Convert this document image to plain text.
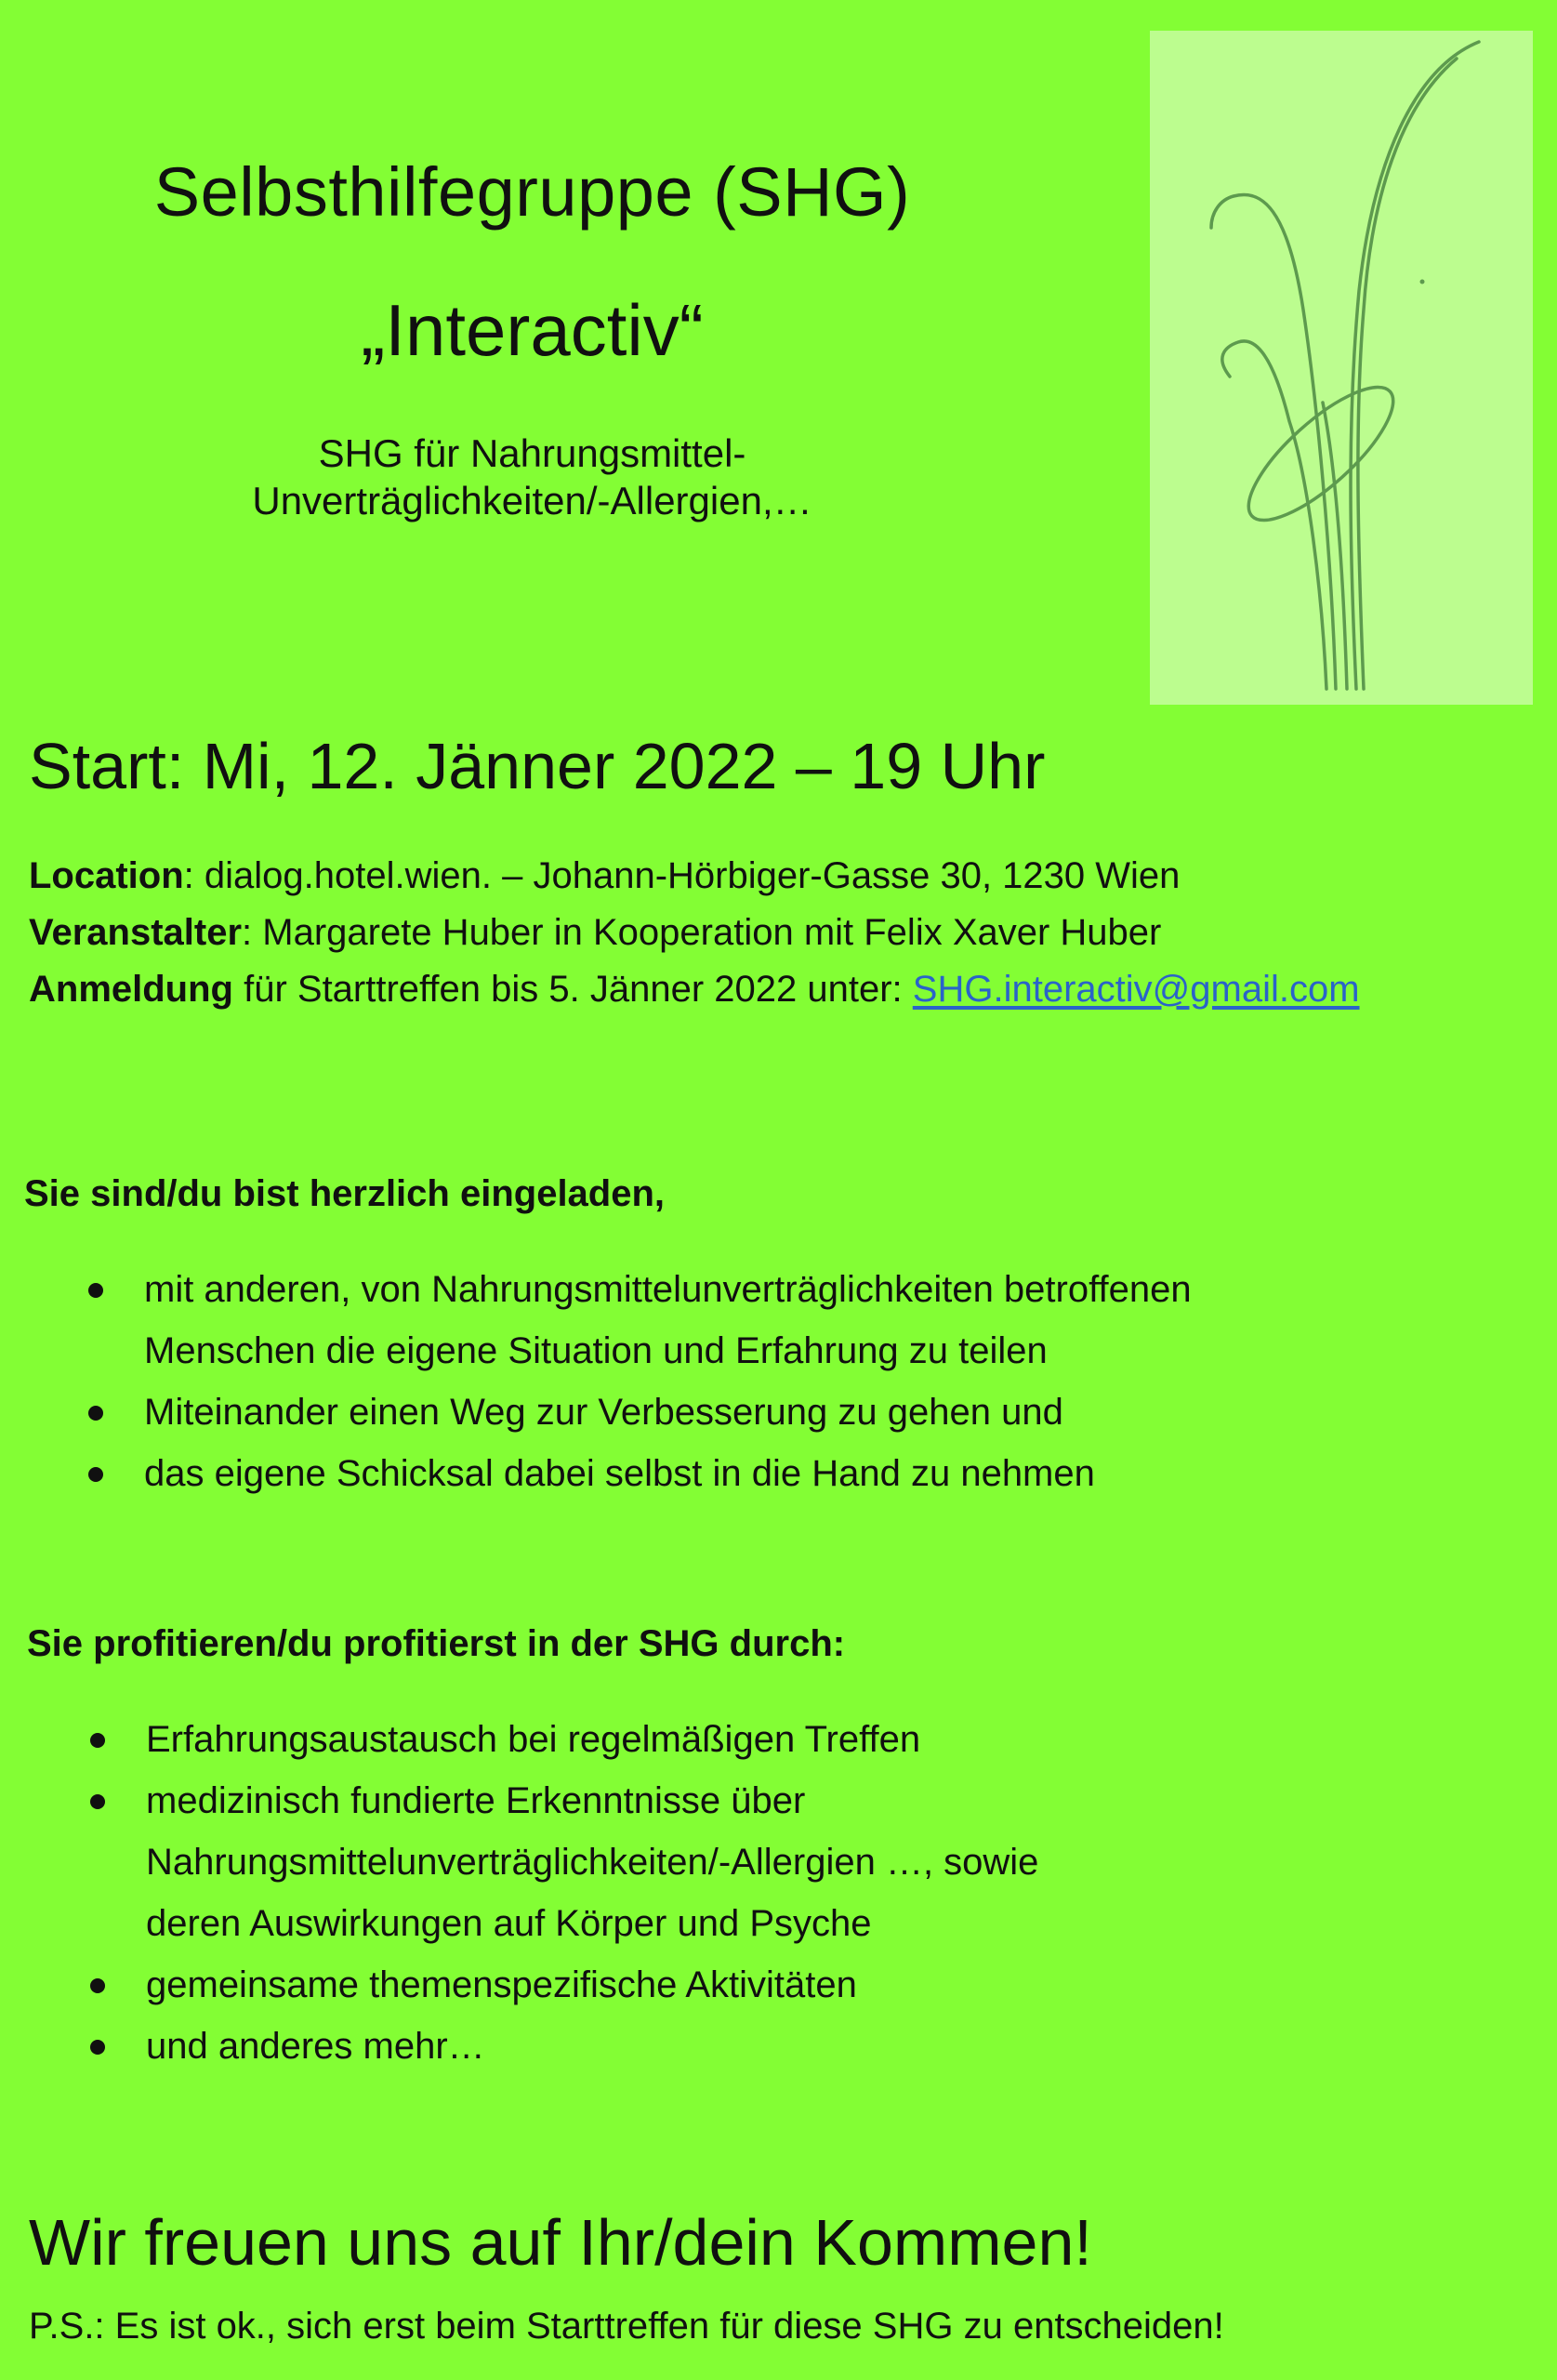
Selbsthilfegruppe (SHG)
„Interactiv“
SHG für Nahrungsmittel-
Unverträglichkeiten/-Allergien,…
Start: Mi, 12. Jänner 2022 – 19 Uhr
Location: dialog.hotel.wien. – Johann-Hörbiger-Gasse 30, 1230 Wien
Veranstalter: Margarete Huber in Kooperation mit Felix Xaver Huber
Anmeldung für Starttreffen bis 5. Jänner 2022 unter: SHG.interactiv@gmail.com
Sie sind/du bist herzlich eingeladen,
mit anderen, von Nahrungsmittelunverträglichkeiten betroffenen
Menschen die eigene Situation und Erfahrung zu teilen
Miteinander einen Weg zur Verbesserung zu gehen und
das eigene Schicksal dabei selbst in die Hand zu nehmen
Sie profitieren/du profitierst in der SHG durch:
Erfahrungsaustausch bei regelmäßigen Treffen
medizinisch fundierte Erkenntnisse über
Nahrungsmittelunverträglichkeiten/-Allergien …, sowie
deren Auswirkungen auf Körper und Psyche
gemeinsame themenspezifische Aktivitäten
und anderes mehr…
Wir freuen uns auf Ihr/dein Kommen!
P.S.: Es ist ok., sich erst beim Starttreffen für diese SHG zu entscheiden!
